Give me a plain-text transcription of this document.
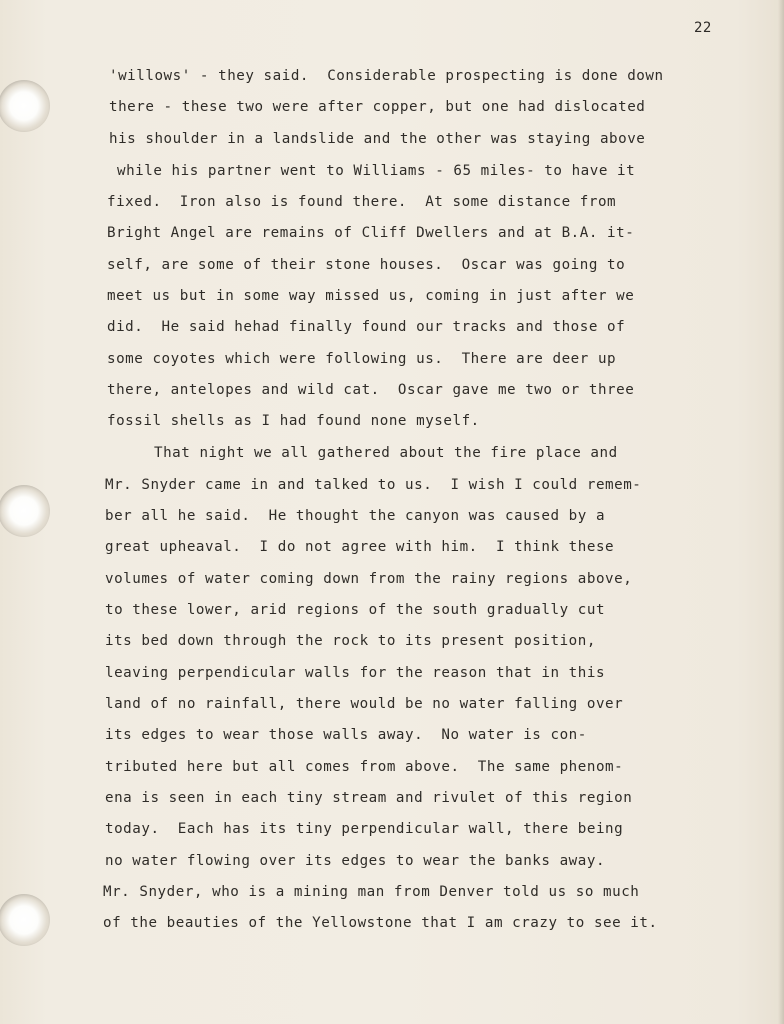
22
'willows' - they said.  Considerable prospecting is done down
there - these two were after copper, but one had dislocated
his shoulder in a landslide and the other was staying above
while his partner went to Williams - 65 miles- to have it
fixed.  Iron also is found there.  At some distance from
Bright Angel are remains of Cliff Dwellers and at B.A. it-
self, are some of their stone houses.  Oscar was going to
meet us but in some way missed us, coming in just after we
did.  He said hehad finally found our tracks and those of
some coyotes which were following us.  There are deer up
there, antelopes and wild cat.  Oscar gave me two or three
fossil shells as I had found none myself.
That night we all gathered about the fire place and
Mr. Snyder came in and talked to us.  I wish I could remem-
ber all he said.  He thought the canyon was caused by a
great upheaval.  I do not agree with him.  I think these
volumes of water coming down from the rainy regions above,
to these lower, arid regions of the south gradually cut
its bed down through the rock to its present position,
leaving perpendicular walls for the reason that in this
land of no rainfall, there would be no water falling over
its edges to wear those walls away.  No water is con-
tributed here but all comes from above.  The same phenom-
ena is seen in each tiny stream and rivulet of this region
today.  Each has its tiny perpendicular wall, there being
no water flowing over its edges to wear the banks away.
Mr. Snyder, who is a mining man from Denver told us so much
of the beauties of the Yellowstone that I am crazy to see it.
